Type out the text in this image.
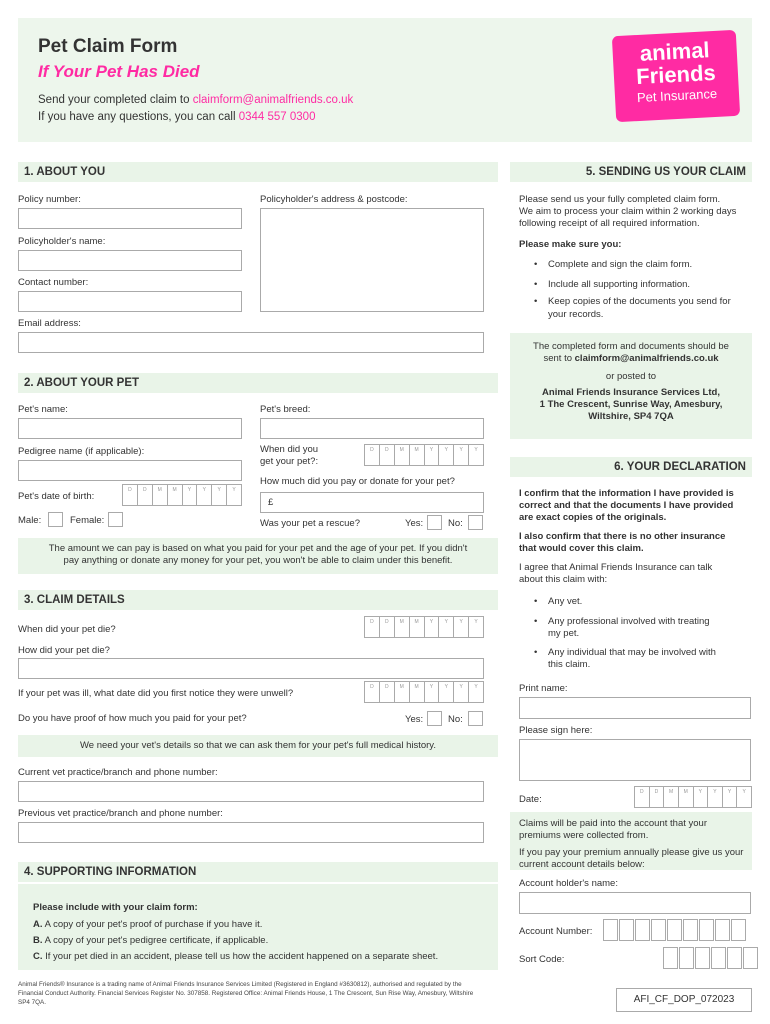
Pet Claim Form
If Your Pet Has Died
Send your completed claim to claimform@animalfriends.co.uk
If you have any questions, you can call 0344 557 0300
animal
Friends
Pet Insurance
1. ABOUT YOU
Policy number:	Policyholder's address & postcode:
Policyholder's name:
Contact number:
Email address:
2. ABOUT YOUR PET
Pet's name:	Pet's breed:
Pedigree name (if applicable):	When did you
get your pet?:
D	D	M	M	Y	Y	Y	Y
How much did you pay or donate for your pet?
£
Pet's date of birth:
D	D	M	M	Y	Y	Y	Y
Male:	Female:	Was your pet a rescue?	Yes:	No:
The amount we can pay is based on what you paid for your pet and the age of your pet. If you didn't
pay anything or donate any money for your pet, you won't be able to claim under this benefit.
3. CLAIM DETAILS
When did your pet die?
D	D	M	M	Y	Y	Y	Y
How did your pet die?
If your pet was ill, what date did you first notice they were unwell?
D	D	M	M	Y	Y	Y	Y
Do you have proof of how much you paid for your pet?	Yes:	No:
We need your vet's details so that we can ask them for your pet's full medical history.
Current vet practice/branch and phone number:
Previous vet practice/branch and phone number:
4. SUPPORTING INFORMATION
Please include with your claim form:
A. A copy of your pet's proof of purchase if you have it.
B. A copy of your pet's pedigree certificate, if applicable.
C. If your pet died in an accident, please tell us how the accident happened on a separate sheet.
5. SENDING US YOUR CLAIM
Please send us your fully completed claim form.
We aim to process your claim within 2 working days
following receipt of all required information.
Please make sure you:
• Complete and sign the claim form.
• Include all supporting information.
• Keep copies of the documents you send for
your records.
The completed form and documents should be
sent to claimform@animalfriends.co.uk
or posted to
Animal Friends Insurance Services Ltd,
1 The Crescent, Sunrise Way, Amesbury,
Wiltshire, SP4 7QA
6. YOUR DECLARATION
I confirm that the information I have provided is
correct and that the documents I have provided
are exact copies of the originals.
I also confirm that there is no other insurance
that would cover this claim.
I agree that Animal Friends Insurance can talk
about this claim with:
• Any vet.
• Any professional involved with treating
my pet.
• Any individual that may be involved with
this claim.
Print name:
Please sign here:
Date:
D	D	M	M	Y	Y	Y	Y
Claims will be paid into the account that your
premiums were collected from.
If you pay your premium annually please give us your
current account details below:
Account holder's name:
Account Number:
Sort Code:
Animal Friends® Insurance is a trading name of Animal Friends Insurance Services Limited (Registered in England #3630812), authorised and regulated by the
Financial Conduct Authority. Financial Services Register No. 307858. Registered Office: Animal Friends House, 1 The Crescent, Sun Rise Way, Amesbury, Wiltshire
SP4 7QA.	AFI_CF_DOP_072023
